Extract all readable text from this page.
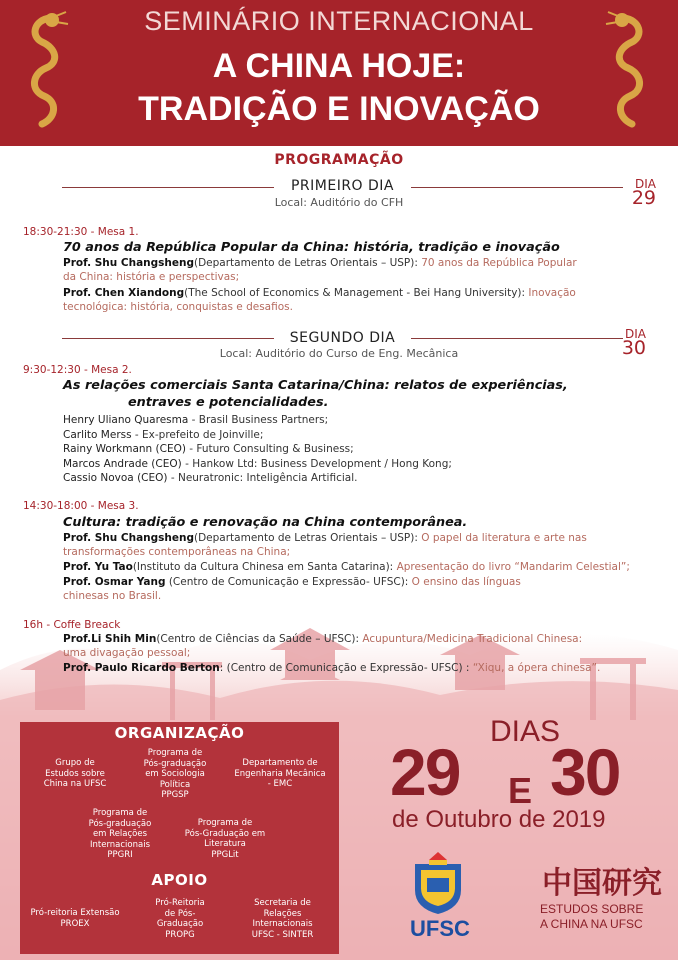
SEMINÁRIO INTERNACIONAL
A CHINA HOJE:
TRADIÇÃO E INOVAÇÃO
PROGRAMAÇÃO
PRIMEIRO DIA
Local: Auditório do CFH
DIA
29
18:30-21:30 - Mesa 1.
70 anos da República Popular da China: história, tradição e inovação
Prof. Shu Changsheng(Departamento de Letras Orientais – USP): 70 anos da República Popular
da China: história e perspectivas;
Prof. Chen Xiandong(The School of Economics & Management - Bei Hang University): Inovação
tecnológica: história, conquistas e desafios.
SEGUNDO DIA
Local: Auditório do Curso de Eng. Mecânica
DIA
30
9:30-12:30 - Mesa 2.
As relações comerciais Santa Catarina/China: relatos de experiências,
entraves e potencialidades.
Henry Uliano Quaresma - Brasil Business Partners;
Carlito Merss - Ex-prefeito de Joinville;
Rainy Workmann (CEO) - Futuro Consulting & Business;
Marcos Andrade (CEO) - Hankow Ltd: Business Development / Hong Kong;
Cassio Novoa (CEO) - Neuratronic: Inteligência Artificial.
14:30-18:00 - Mesa 3.
Cultura: tradição e renovação na China contemporânea.
Prof. Shu Changsheng(Departamento de Letras Orientais – USP): O papel da literatura e arte nas
transformações contemporâneas na China;
Prof. Yu Tao(Instituto da Cultura Chinesa em Santa Catarina): Apresentação do livro “Mandarim Celestial”;
Prof. Osmar Yang (Centro de Comunicação e Expressão- UFSC): O ensino das línguas
chinesas no Brasil.
16h - Coffe Breack
Prof.Li Shih Min(Centro de Ciências da Saúde – UFSC): Acupuntura/Medicina Tradicional Chinesa:
uma divagação pessoal;
Prof. Paulo Ricardo Berton: (Centro de Comunicação e Expressão- UFSC) : “Xiqu, a ópera chinesa”.
ORGANIZAÇÃO
Grupo de
Estudos sobre
China na UFSC
Programa de
Pós-graduação
em Sociologia
Política
PPGSP
Departamento de
Engenharia Mecânica
- EMC
Programa de
Pós-graduação
em Relações
Internacionais
PPGRI
Programa de
Pós-Graduação em
Literatura
PPGLit
APOIO
Pró-reitoria Extensão
PROEX
Pró-Reitoria
de Pós-
Graduação
PROPG
Secretaria de
Relações
Internacionais
UFSC - SINTER
DIAS
29 E 30
de Outubro de 2019
UFSC
中国研究
ESTUDOS SOBRE
A CHINA NA UFSC
